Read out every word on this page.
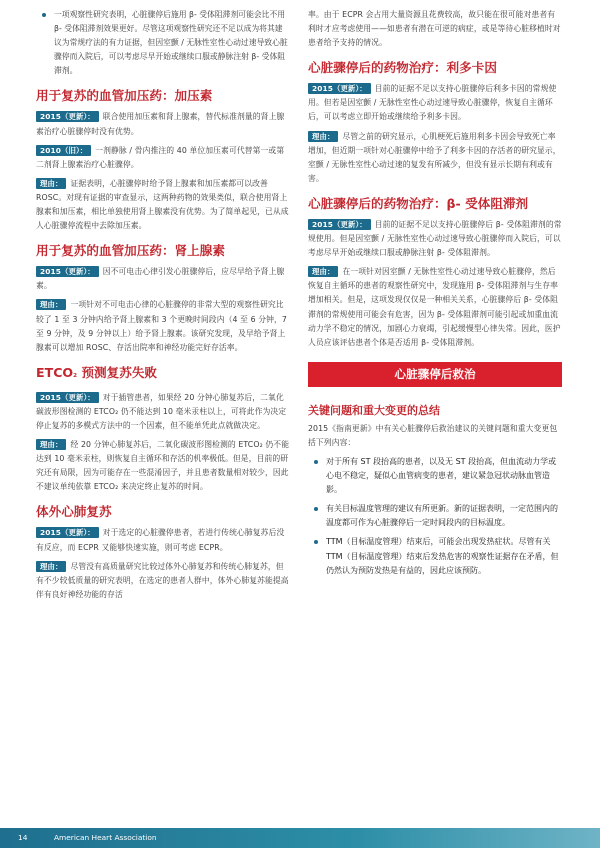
一项观察性研究表明，心脏骤停后施用 β- 受体阻滞剂可能会比不用 β- 受体阻滞剂效果更好。尽管这项观察性研究还不足以成为将其建议为常规疗法的有力证据，但因室颤 / 无脉性室性心动过速导致心脏骤停而入院后，可以考虑尽早开始或继续口服或静脉注射 β- 受体阻滞剂。
用于复苏的血管加压药：加压素

2015（更新）： 联合使用加压素和肾上腺素，替代标准剂量的肾上腺素治疗心脏骤停时没有优势。

2010（旧）： 一剂静脉 / 骨内推注的 40 单位加压素可代替第一或第二剂肾上腺素治疗心脏骤停。

理由： 证据表明，心脏骤停时给予肾上腺素和加压素都可以改善 ROSC。对现有证据的审查显示，这两种药物的效果类似，联合使用肾上腺素和加压素，相比单独使用肾上腺素没有优势。为了简单起见，已从成人心脏骤停流程中去除加压素。

用于复苏的血管加压药：肾上腺素

2015（更新）： 因不可电击心律引发心脏骤停后，应尽早给予肾上腺素。

理由： 一项针对不可电击心律的心脏骤停的非常大型的观察性研究比较了 1 至 3 分钟内给予肾上腺素和 3 个更晚时间段内（4 至 6 分钟，7 至 9 分钟，及 9 分钟以上）给予肾上腺素。该研究发现，及早给予肾上腺素可以增加 ROSC、存活出院率和神经功能完好存活率。

ETCO2 预测复苏失败

2015（更新）： 对于插管患者，如果经 20 分钟心肺复苏后，二氧化碳波形图检测的 ETCO₂ 仍不能达到 10 毫米汞柱以上，可将此作为决定停止复苏的多模式方法中的一个因素，但不能单凭此点就做决定。

理由： 经 20 分钟心肺复苏后，二氧化碳波形图检测的 ETCO₂ 仍不能达到 10 毫米汞柱，则恢复自主循环和存活的机率极低。但是，目前的研究还有局限，因为可能存在一些混淆因子，并且患者数量相对较少，因此不建议单纯依靠 ETCO₂ 来决定终止复苏的时间。

体外心肺复苏

2015（更新）： 对于选定的心脏骤停患者，若进行传统心肺复苏后没有反应，而 ECPR 又能够快速实施，则可考虑 ECPR。

理由： 尽管没有高质量研究比较过体外心肺复苏和传统心肺复苏，但有不少较低质量的研究表明，在选定的患者人群中，体外心肺复苏能提高伴有良好神经功能的存活

率。由于 ECPR 会占用大量资源且花费较高，故只能在很可能对患者有利时才应考虑使用——如患者有潜在可逆的病症，或是等待心脏移植时对患者给予支持的情况。

心脏骤停后的药物治疗：利多卡因

2015（更新）： 目前的证据不足以支持心脏骤停后利多卡因的常规使用。但若是因室颤 / 无脉性室性心动过速导致心脏骤停，恢复自主循环后，可以考虑立即开始或继续给予利多卡因。

理由： 尽管之前的研究显示，心肌梗死后施用利多卡因会导致死亡率增加，但近期一项针对心脏骤停中给予了利多卡因的存活者的研究显示，室颤 / 无脉性室性心动过速的复发有所减少，但没有显示长期有利或有害。

心脏骤停后的药物治疗：β- 受体阻滞剂

2015（更新）： 目前的证据不足以支持心脏骤停后 β- 受体阻滞剂的常规使用。但是因室颤 / 无脉性室性心动过速导致心脏骤停而入院后，可以考虑尽早开始或继续口服或静脉注射 β- 受体阻滞剂。

理由： 在一项针对因室颤 / 无脉性室性心动过速导致心脏骤停，然后恢复自主循环的患者的观察性研究中，发现施用 β- 受体阻滞剂与生存率增加相关。但是，这项发现仅仅是一种相关关系，心脏骤停后 β- 受体阻滞剂的常规使用可能会有危害，因为 β- 受体阻滞剂可能引起或加重血流动力学不稳定的情况，加剧心力衰竭，引起缓慢型心律失常。因此，医护人员应该评估患者个体是否适用 β- 受体阻滞剂。

心脏骤停后救治
关键问题和重大变更的总结

2015《指南更新》中有关心脏骤停后救治建议的关键问题和重大变更包括下列内容：

对于所有 ST 段抬高的患者，以及无 ST 段抬高，但血流动力学或心电不稳定，疑似心血管病变的患者，建议紧急冠状动脉血管造影。
有关目标温度管理的建议有所更新。新的证据表明，一定范围内的温度都可作为心脏骤停后一定时间段内的目标温度。
TTM（目标温度管理）结束后，可能会出现发热症状。尽管有关 TTM（目标温度管理）结束后发热危害的观察性证据存在矛盾，但仍然认为预防发热是有益的，因此应该预防。
14	American Heart Association
